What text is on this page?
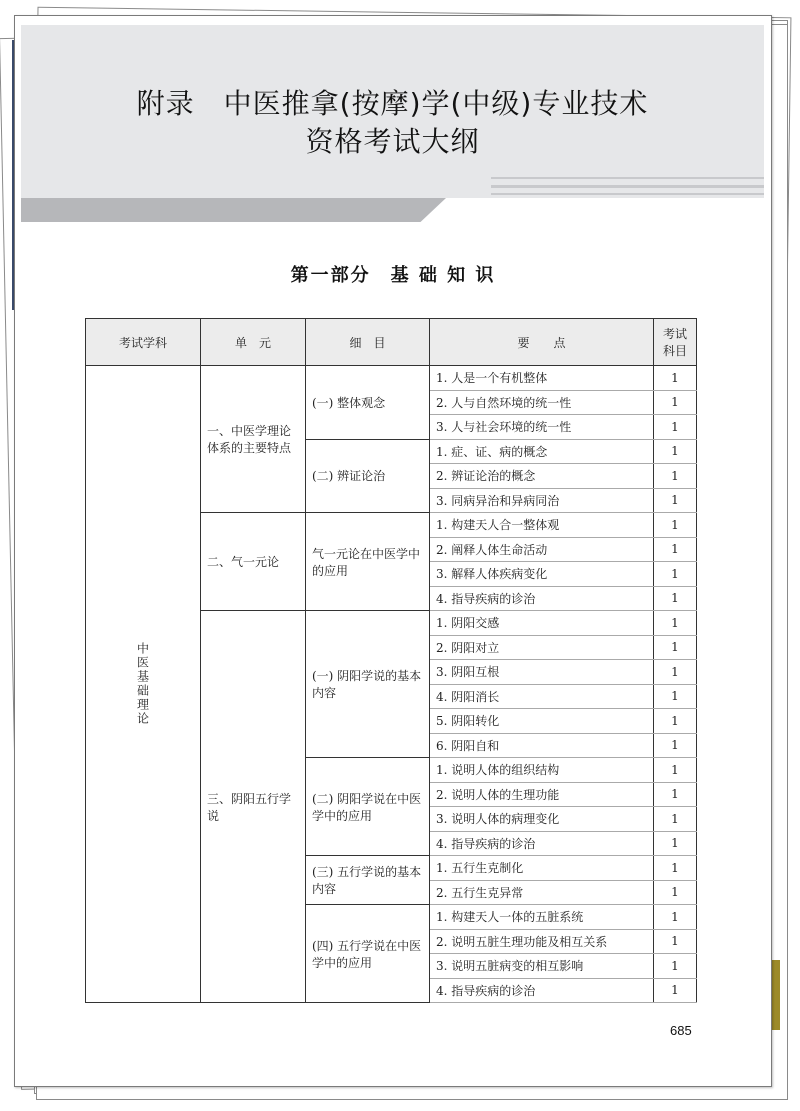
附录　中医推拿(按摩)学(中级)专业技术
资格考试大纲
第一部分　基 础 知 识
考试学科	单　元	细　目	要　　点	考试科目

中医基础理论	一、中医学理论体系的主要特点	(一) 整体观念	1. 人是一个有机整体	1
			2. 人与自然环境的统一性	1
			3. 人与社会环境的统一性	1
		(二) 辨证论治	1. 症、证、病的概念	1
			2. 辨证论治的概念	1
			3. 同病异治和异病同治	1
	二、气一元论	气一元论在中医学中的应用	1. 构建天人合一整体观	1
			2. 阐释人体生命活动	1
			3. 解释人体疾病变化	1
			4. 指导疾病的诊治	1
	三、阴阳五行学说	(一) 阴阳学说的基本内容	1. 阴阳交感	1
			2. 阴阳对立	1
			3. 阴阳互根	1
			4. 阴阳消长	1
			5. 阴阳转化	1
			6. 阴阳自和	1
		(二) 阴阳学说在中医学中的应用	1. 说明人体的组织结构	1
			2. 说明人体的生理功能	1
			3. 说明人体的病理变化	1
			4. 指导疾病的诊治	1
		(三) 五行学说的基本内容	1. 五行生克制化	1
			2. 五行生克异常	1
		(四) 五行学说在中医学中的应用	1. 构建天人一体的五脏系统	1
			2. 说明五脏生理功能及相互关系	1
			3. 说明五脏病变的相互影响	1
			4. 指导疾病的诊治	1
685
